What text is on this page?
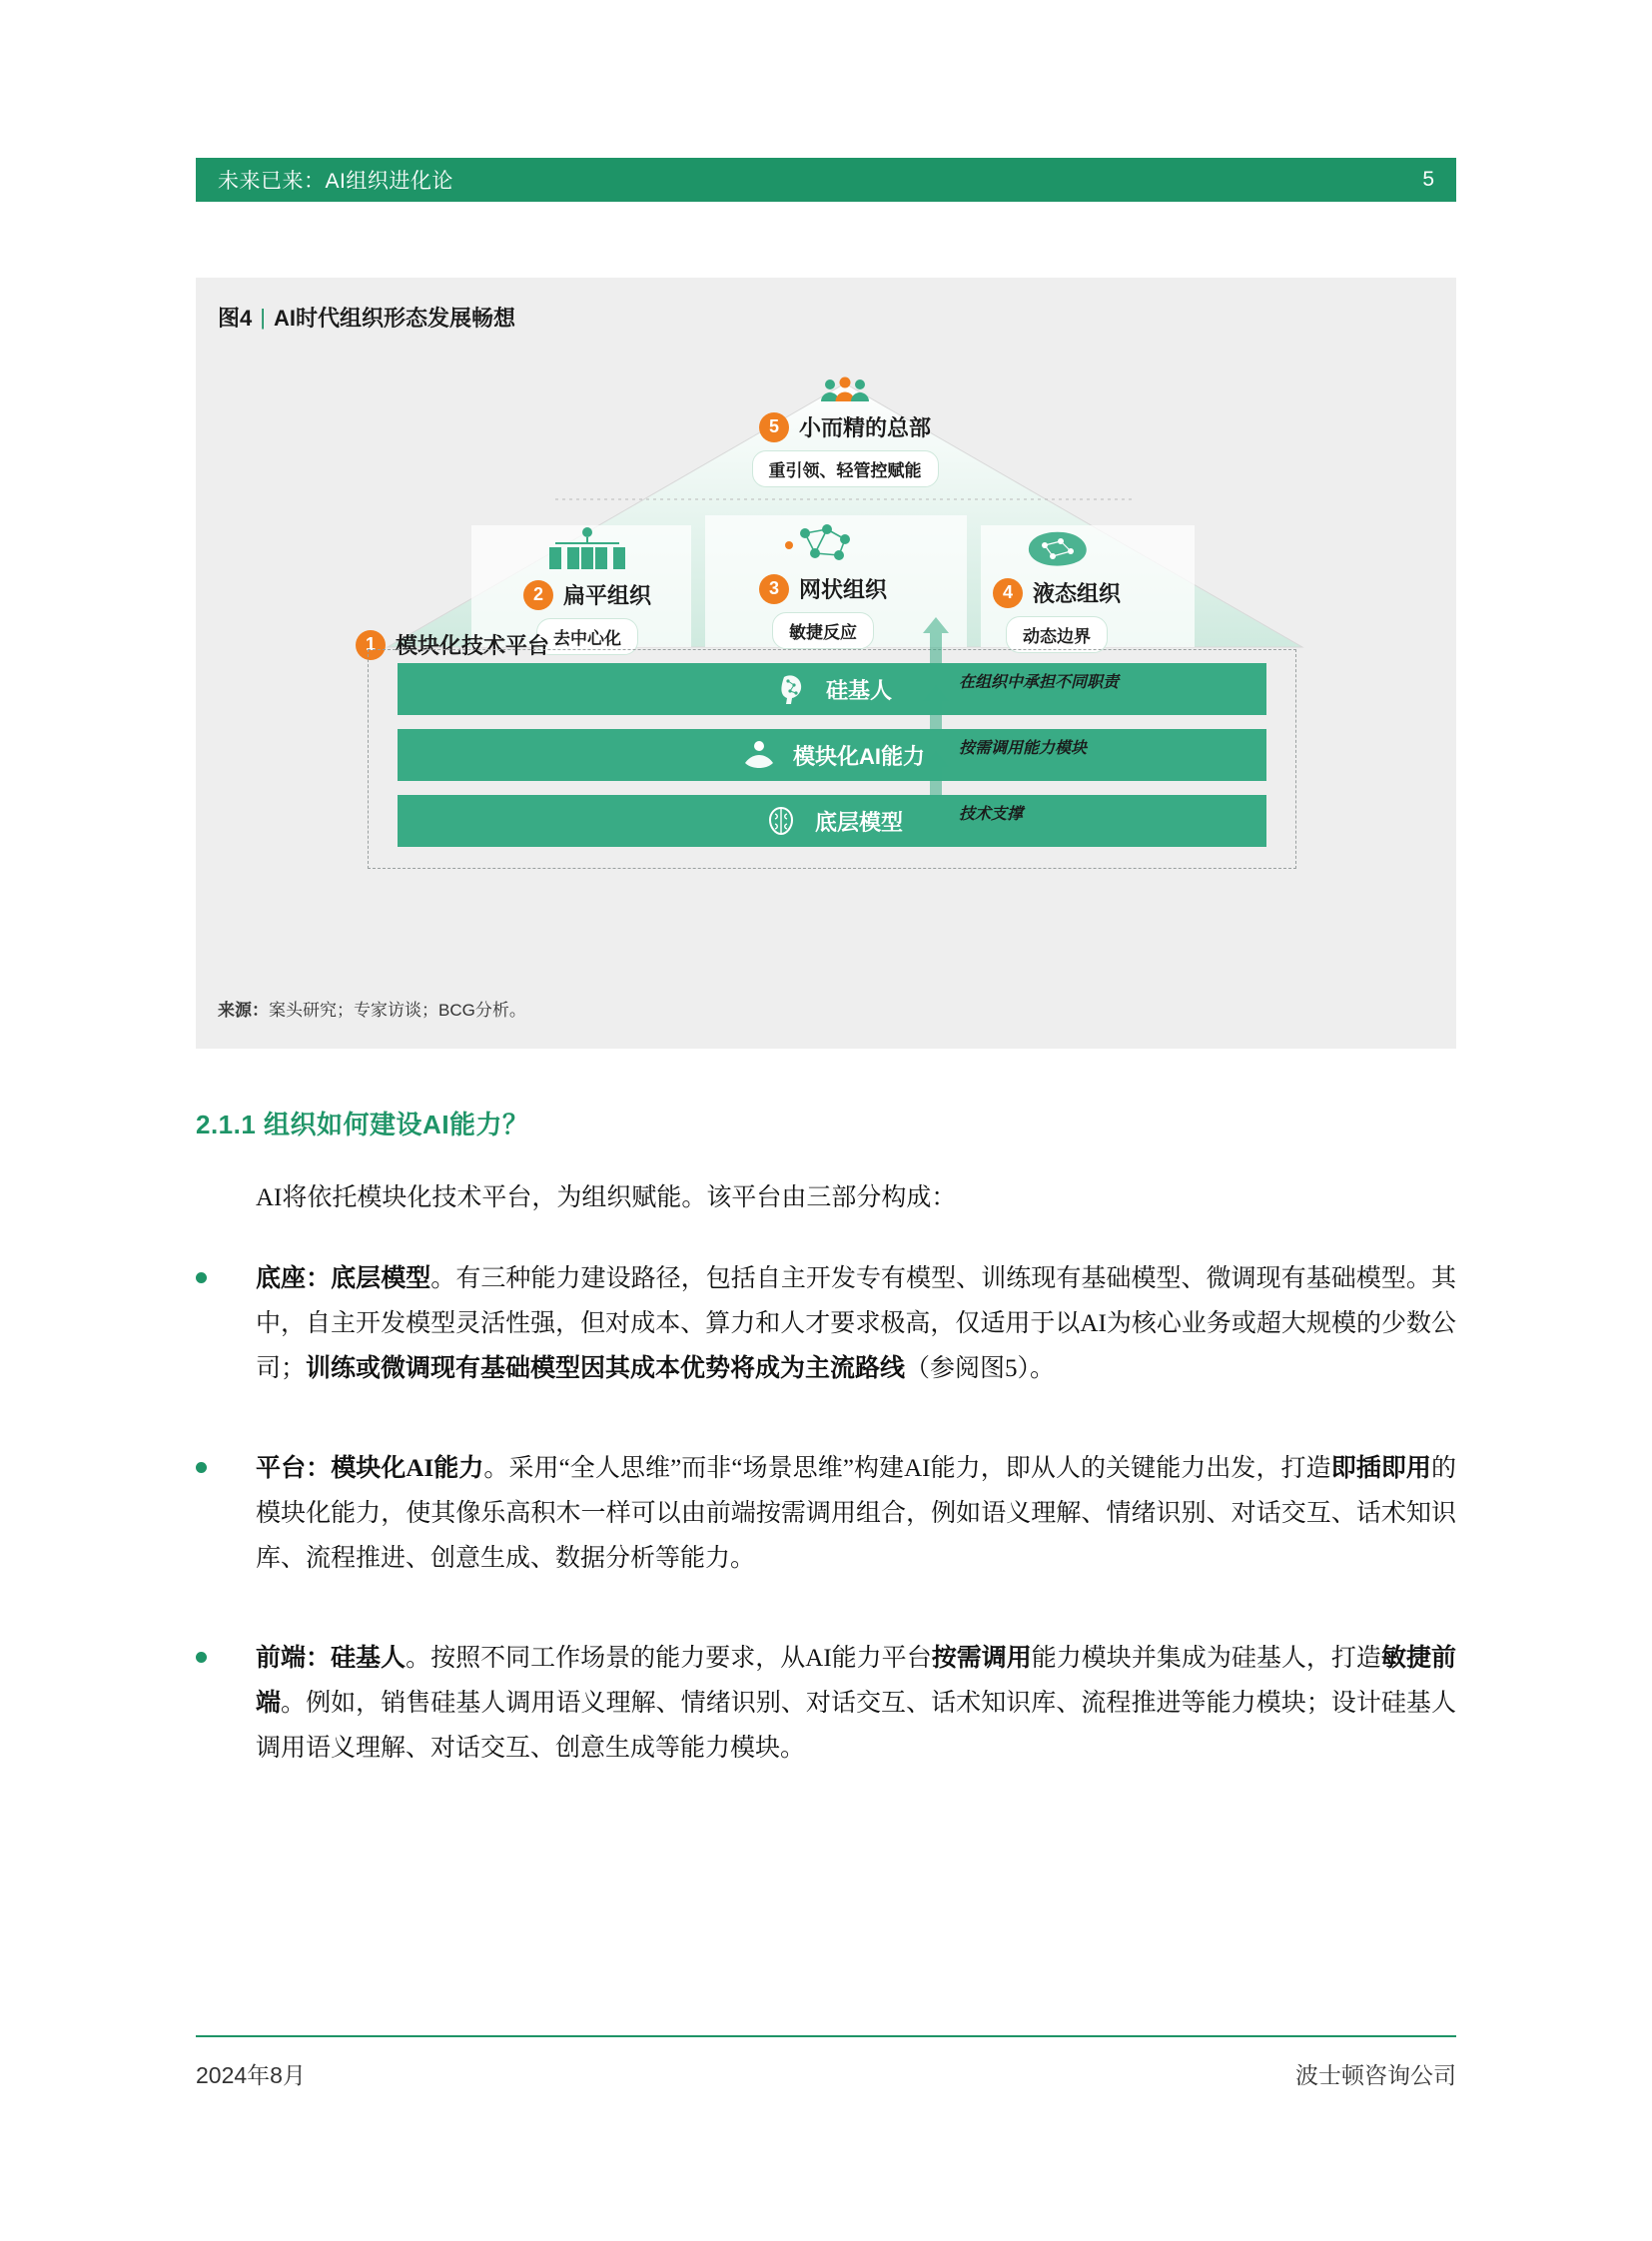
未来已来：AI组织进化论	5
图4 | AI时代组织形态发展畅想
5 小而精的总部
重引领、轻管控赋能
2 扁平组织
去中心化
3 网状组织
敏捷反应
4 液态组织
动态边界
1 模块化技术平台
硅基人	在组织中承担不同职责
模块化AI能力 按需调用能力模块
底层模型	技术支撑
来源：案头研究；专家访谈；BCG分析。
2.1.1 组织如何建设AI能力？
AI将依托模块化技术平台，为组织赋能。该平台由三部分构成：
底座：底层模型。有三种能力建设路径，包括自主开发专有模型、训练现有基础模型、微调现有基础模型。其中，自主开发模型灵活性强，但对成本、算力和人才要求极高，仅适用于以AI为核心业务或超大规模的少数公司；训练或微调现有基础模型因其成本优势将成为主流路线（参阅图5）。
平台：模块化AI能力。采用“全人思维”而非“场景思维”构建AI能力，即从人的关键能力出发，打造即插即用的模块化能力，使其像乐高积木一样可以由前端按需调用组合，例如语义理解、情绪识别、对话交互、话术知识库、流程推进、创意生成、数据分析等能力。
前端：硅基人。按照不同工作场景的能力要求，从AI能力平台按需调用能力模块并集成为硅基人，打造敏捷前端。例如，销售硅基人调用语义理解、情绪识别、对话交互、话术知识库、流程推进等能力模块；设计硅基人调用语义理解、对话交互、创意生成等能力模块。
2024年8月	波士顿咨询公司
